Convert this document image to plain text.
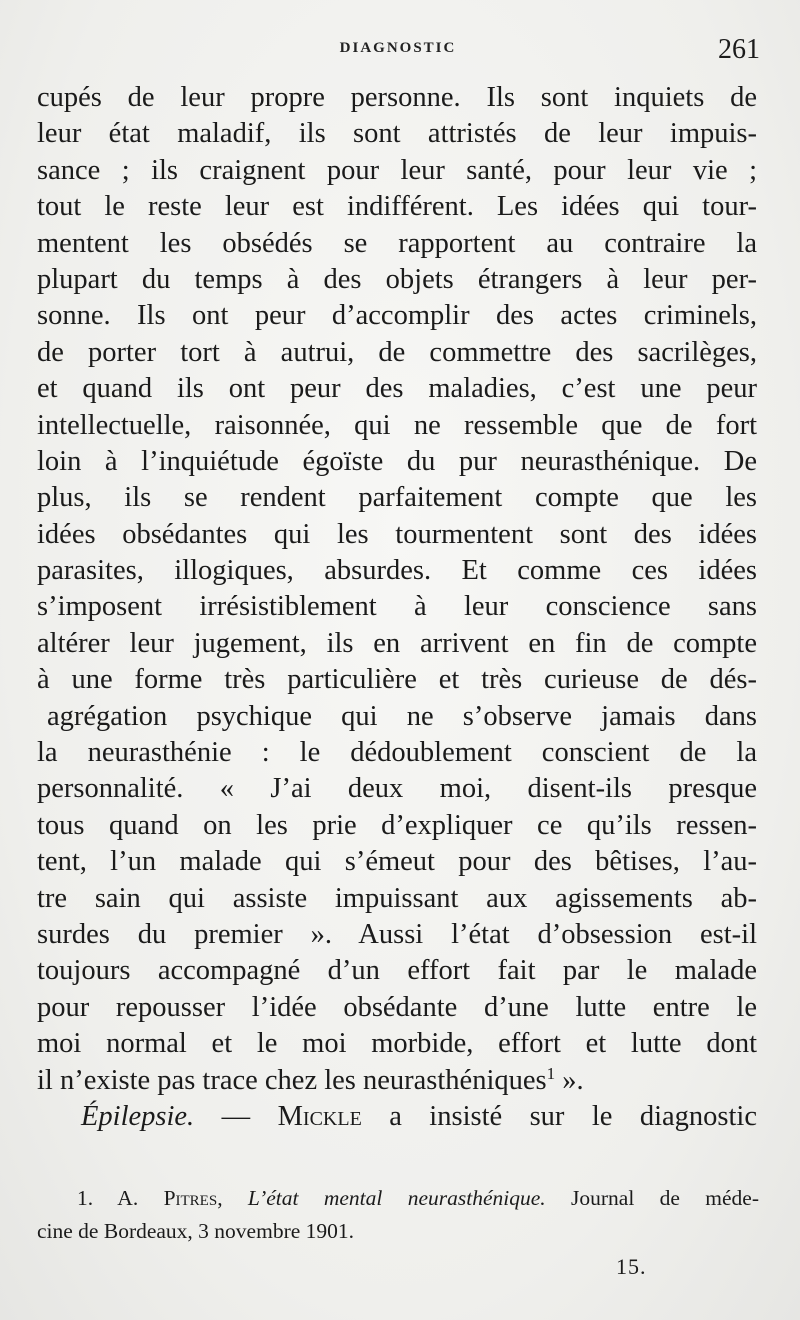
DIAGNOSTIC	261
cupés de leur propre personne. Ils sont inquiets de
leur état maladif, ils sont attristés de leur impuis-
sance ; ils craignent pour leur santé, pour leur vie ;
tout le reste leur est indifférent. Les idées qui tour-
mentent les obsédés se rapportent au contraire la
plupart du temps à des objets étrangers à leur per-
sonne. Ils ont peur d’accomplir des actes criminels,
de porter tort à autrui, de commettre des sacrilèges,
et quand ils ont peur des maladies, c’est une peur
intellectuelle, raisonnée, qui ne ressemble que de fort
loin à l’inquiétude égoïste du pur neurasthénique. De
plus, ils se rendent parfaitement compte que les
idées obsédantes qui les tourmentent sont des idées
parasites, illogiques, absurdes. Et comme ces idées
s’imposent irrésistiblement à leur conscience sans
altérer leur jugement, ils en arrivent en fin de compte
à une forme très particulière et très curieuse de dés-
agrégation psychique qui ne s’observe jamais dans
la neurasthénie : le dédoublement conscient de la
personnalité. « J’ai deux moi, disent-ils presque
tous quand on les prie d’expliquer ce qu’ils ressen-
tent, l’un malade qui s’émeut pour des bêtises, l’au-
tre sain qui assiste impuissant aux agissements ab-
surdes du premier ». Aussi l’état d’obsession est-il
toujours accompagné d’un effort fait par le malade
pour repousser l’idée obsédante d’une lutte entre le
moi normal et le moi morbide, effort et lutte dont
il n’existe pas trace chez les neurasthéniques$^1$ ».
Épilepsie. — Mickle a insisté sur le diagnostic
1. A. Pitres, L’état mental neurasthénique. Journal de méde-
cine de Bordeaux, 3 novembre 1901.
15.
